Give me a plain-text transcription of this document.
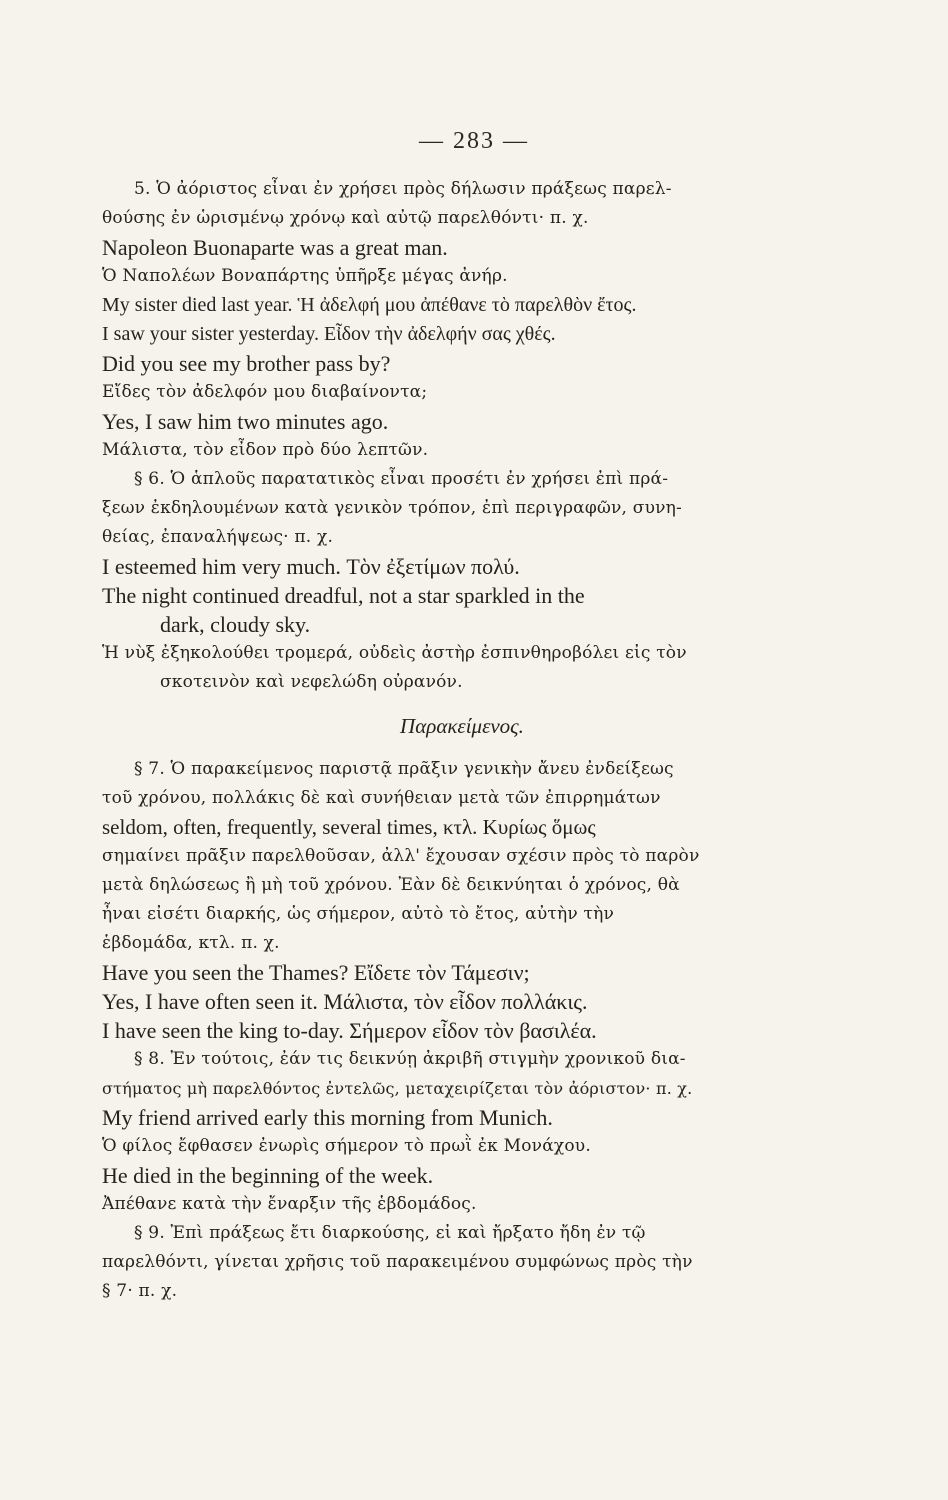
— 283 —
5. Ὁ ἀόριστος εἶναι ἐν χρήσει πρὸς δήλωσιν πράξεως παρελ-
θούσης ἐν ὡρισμένῳ χρόνῳ καὶ αὐτῷ παρελθόντι· π. χ.
Napoleon Buonaparte was a great man.
Ὁ Ναπολέων Βοναπάρτης ὑπῆρξε μέγας ἀνήρ.
My sister died last year. Ἡ ἀδελφή μου ἀπέθανε τὸ παρελθὸν ἔτος.
I saw your sister yesterday. Εἶδον τὴν ἀδελφήν σας χθές.
Did you see my brother pass by?
Εἴδες τὸν ἀδελφόν μου διαβαίνοντα;
Yes, I saw him two minutes ago.
Μάλιστα, τὸν εἶδον πρὸ δύο λεπτῶν.
§ 6. Ὁ ἁπλοῦς παρατατικὸς εἶναι προσέτι ἐν χρήσει ἐπὶ πρά-
ξεων ἐκδηλουμένων κατὰ γενικὸν τρόπον, ἐπὶ περιγραφῶν, συνη-
θείας, ἐπαναλήψεως· π. χ.
I esteemed him very much. Τὸν ἐξετίμων πολύ.
The night continued dreadful, not a star sparkled in the
dark, cloudy sky.
Ἡ νὺξ ἐξηκολούθει τρομερά, οὐδεὶς ἀστὴρ ἐσπινθηροβόλει εἰς τὸν
σκοτεινὸν καὶ νεφελώδη οὐρανόν.
Παρακείμενος.
§ 7. Ὁ παρακείμενος παριστᾷ πρᾶξιν γενικὴν ἄνευ ἐνδείξεως
τοῦ χρόνου, πολλάκις δὲ καὶ συνήθειαν μετὰ τῶν ἐπιρρημάτων
seldom, often, frequently, several times, κτλ. Κυρίως ὅμως
σημαίνει πρᾶξιν παρελθοῦσαν, ἀλλ' ἔχουσαν σχέσιν πρὸς τὸ παρὸν
μετὰ δηλώσεως ἢ μὴ τοῦ χρόνου. Ἐὰν δὲ δεικνύηται ὁ χρόνος, θὰ
ἦναι εἰσέτι διαρκής, ὡς σήμερον, αὐτὸ τὸ ἔτος, αὐτὴν τὴν
ἑβδομάδα, κτλ. π. χ.
Have you seen the Thames? Εἴδετε τὸν Τάμεσιν;
Yes, I have often seen it. Μάλιστα, τὸν εἶδον πολλάκις.
I have seen the king to-day. Σήμερον εἶδον τὸν βασιλέα.
§ 8. Ἐν τούτοις, ἐάν τις δεικνύῃ ἀκριβῆ στιγμὴν χρονικοῦ δια-
στήματος μὴ παρελθόντος ἐντελῶς, μεταχειρίζεται τὸν ἀόριστον· π. χ.
My friend arrived early this morning from Munich.
Ὁ φίλος ἔφθασεν ἐνωρὶς σήμερον τὸ πρωῒ ἐκ Μονάχου.
He died in the beginning of the week.
Ἀπέθανε κατὰ τὴν ἔναρξιν τῆς ἑβδομάδος.
§ 9. Ἐπὶ πράξεως ἔτι διαρκούσης, εἰ καὶ ἤρξατο ἤδη ἐν τῷ
παρελθόντι, γίνεται χρῆσις τοῦ παρακειμένου συμφώνως πρὸς τὴν
§ 7· π. χ.
